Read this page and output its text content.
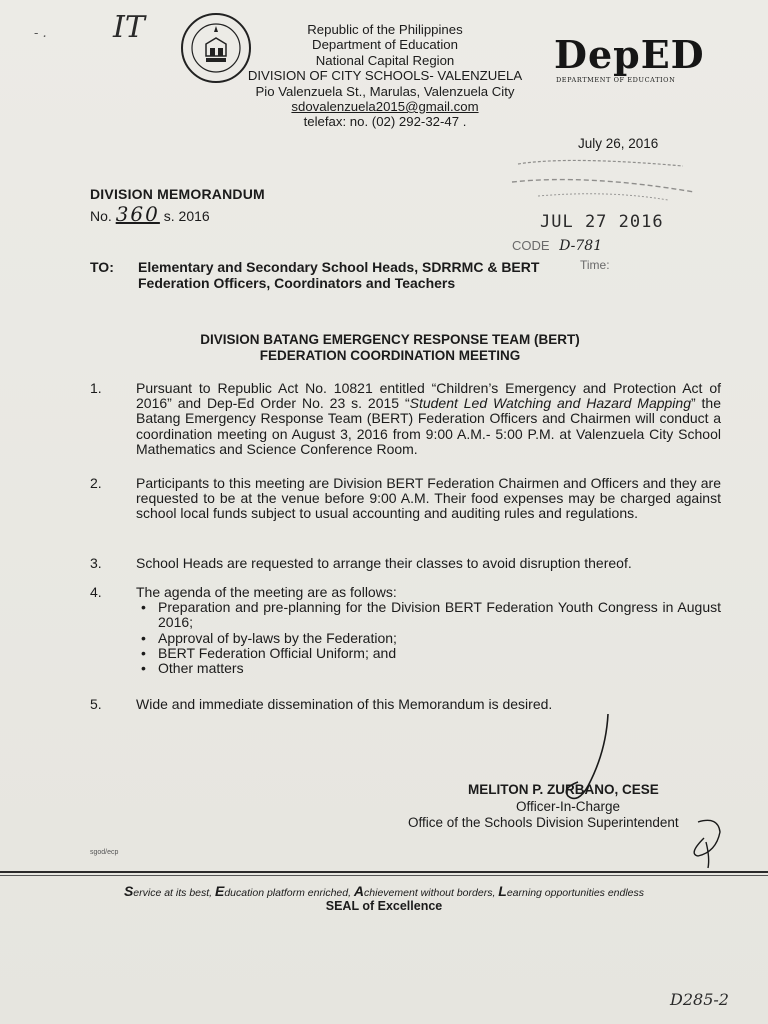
- . IT	Republic of the Philippines
Department of Education
National Capital Region
DIVISION OF CITY SCHOOLS- VALENZUELA
Pio Valenzuela St., Marulas, Valenzuela City
sdovalenzuela2015@gmail.com
telefax: no. (02) 292-32-47 .
DepED
DEPARTMENT OF EDUCATION
July 26, 2016
JUL 27 2016
CODE D-781
Time:
DIVISION MEMORANDUM
No. 360 s. 2016
TO: Elementary and Secondary School Heads, SDRRMC & BERT
Federation Officers, Coordinators and Teachers
DIVISION BATANG EMERGENCY RESPONSE TEAM (BERT)
FEDERATION COORDINATION MEETING
1.	Pursuant to Republic Act No. 10821 entitled “Children’s Emergency and Protection Act of 2016” and Dep-Ed Order No. 23 s. 2015 “Student Led Watching and Hazard Mapping” the Batang Emergency Response Team (BERT) Federation Officers and Chairmen will conduct a coordination meeting on August 3, 2016 from 9:00 A.M.- 5:00 P.M. at Valenzuela City School Mathematics and Science Conference Room.
2.	Participants to this meeting are Division BERT Federation Chairmen and Officers and they are requested to be at the venue before 9:00 A.M. Their food expenses may be charged against school local funds subject to usual accounting and auditing rules and regulations.
3.	School Heads are requested to arrange their classes to avoid disruption thereof.
4.	The agenda of the meeting are as follows:
• Preparation and pre-planning for the Division BERT Federation Youth Congress in August 2016;
• Approval of by-laws by the Federation;
• BERT Federation Official Uniform; and
• Other matters
5.	Wide and immediate dissemination of this Memorandum is desired.
MELITON P. ZURBANO, CESE
Officer-In-Charge
Office of the Schools Division Superintendent
sgod/ecp
Service at its best, Education platform enriched, Achievement without borders, Learning opportunities endless
SEAL of Excellence
D285-2
